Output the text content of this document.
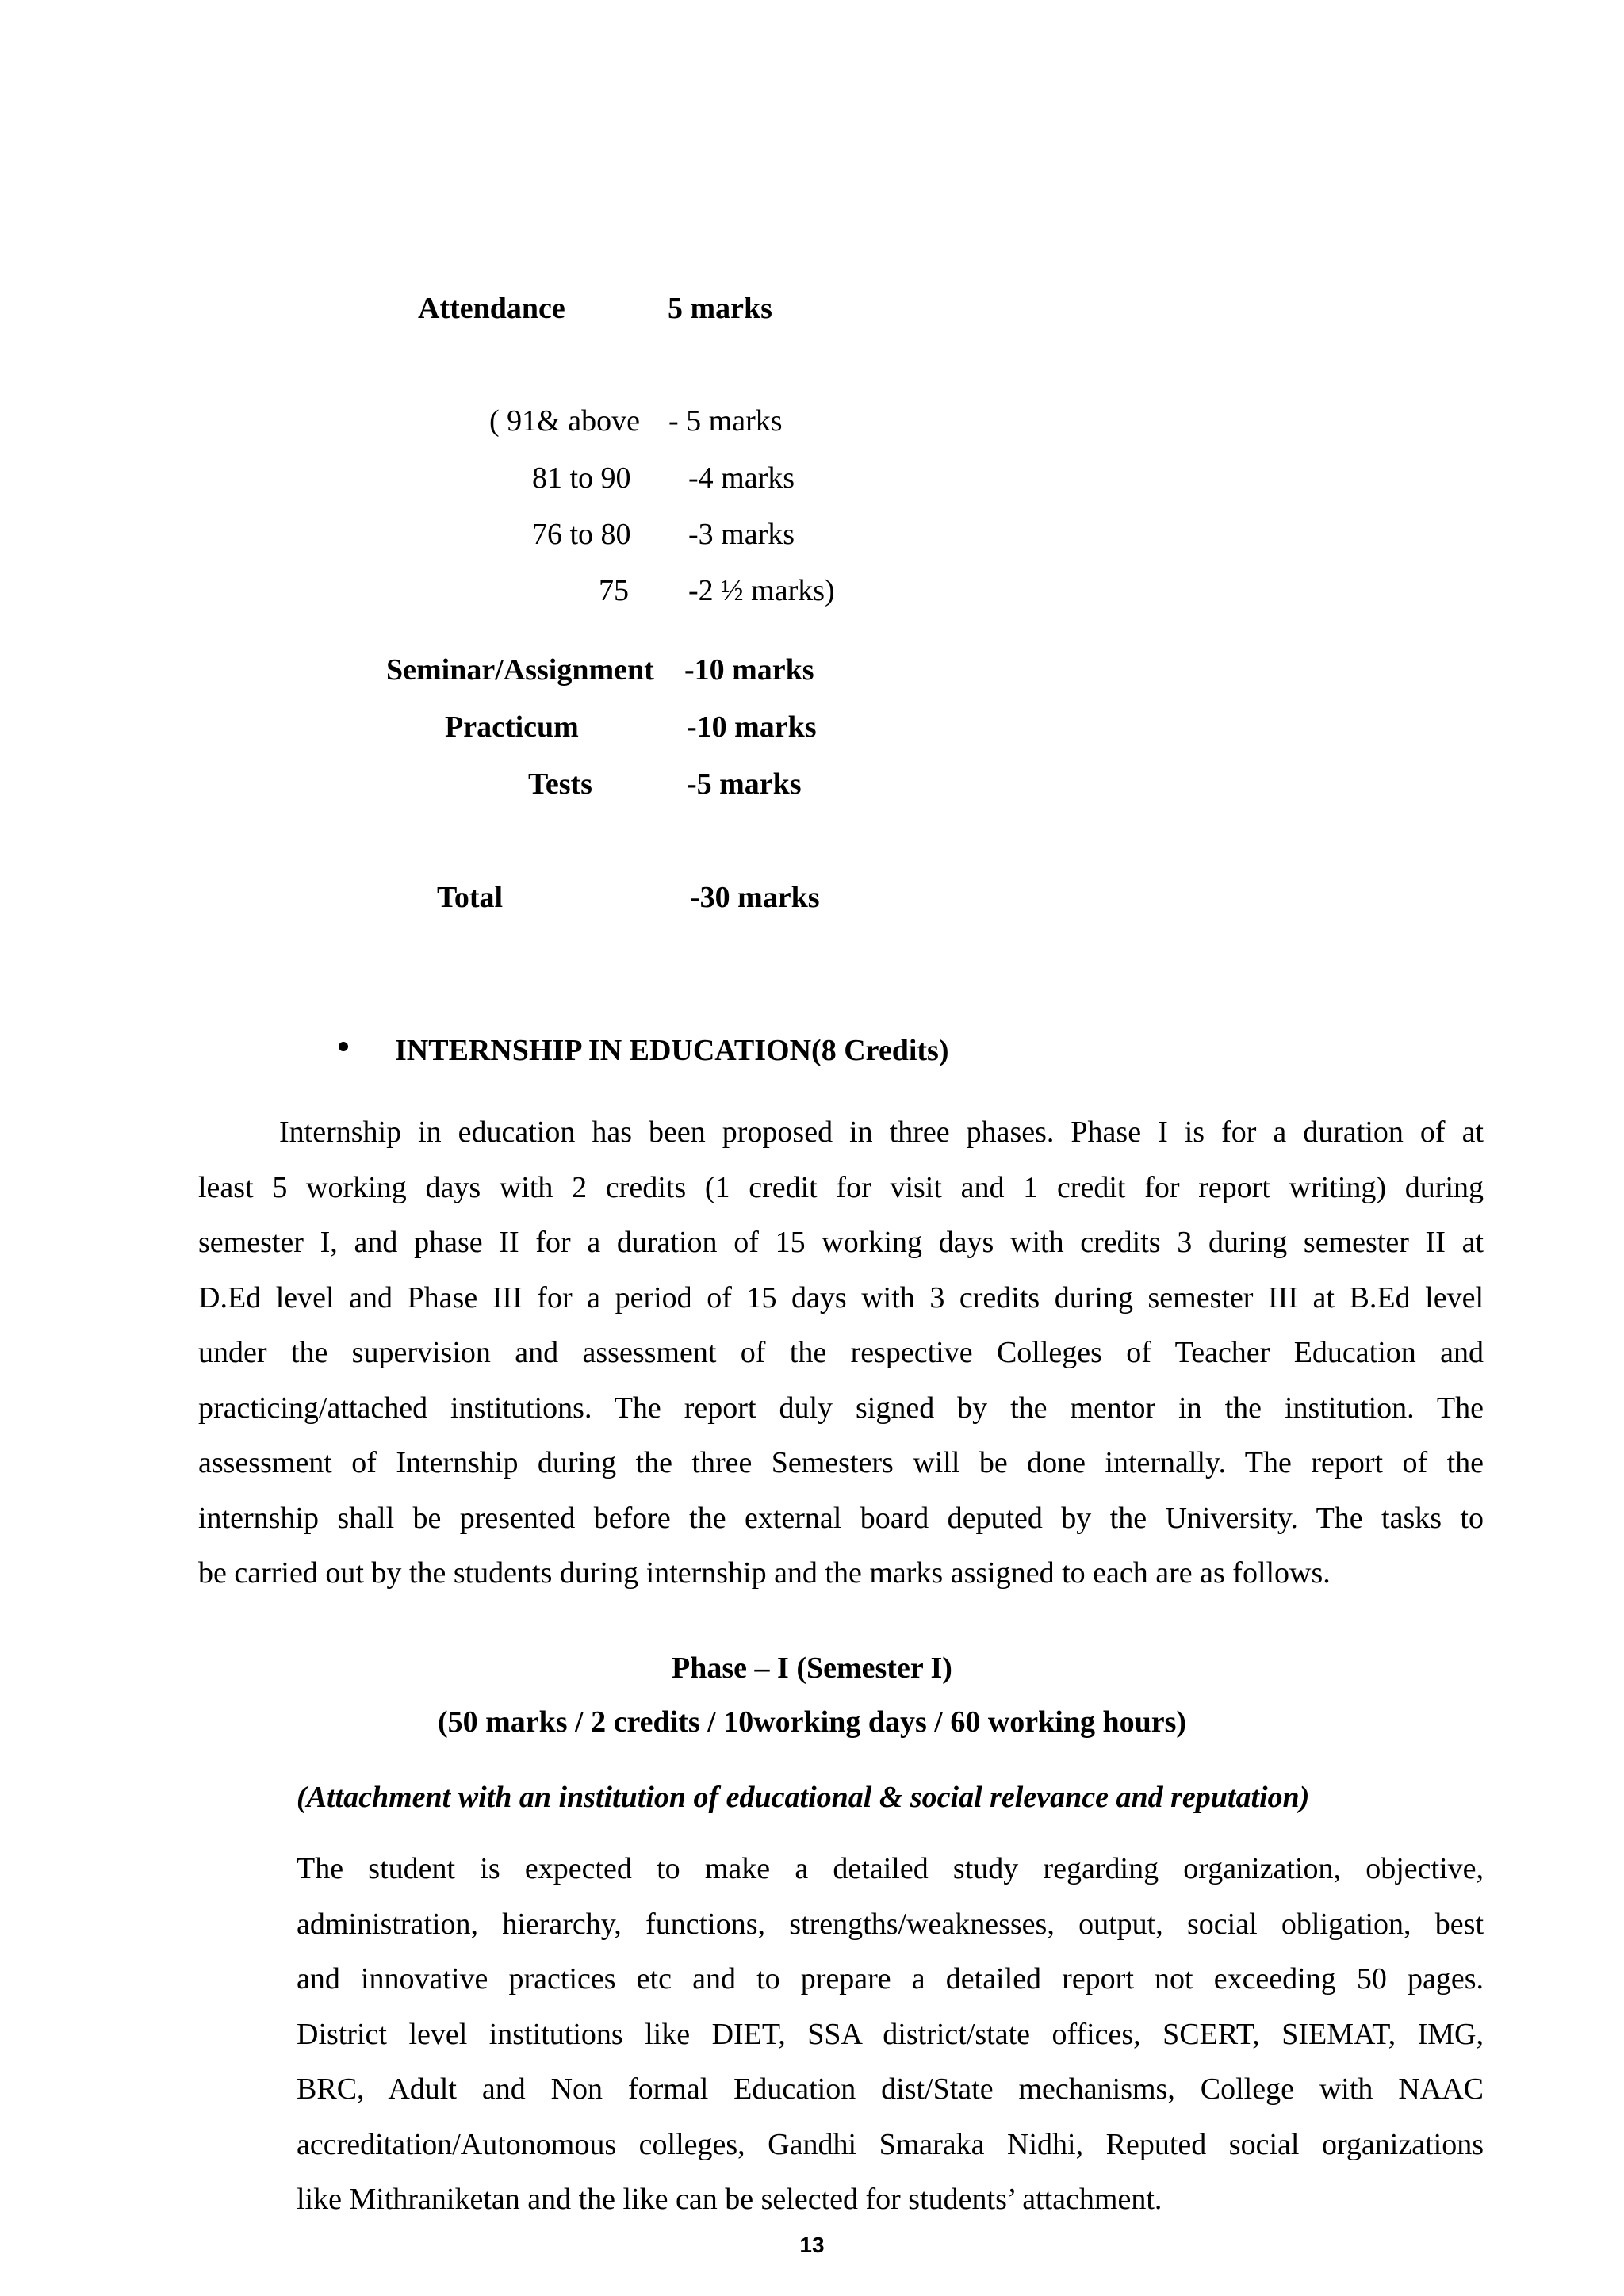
Attendance	5 marks
( 91& above - 5 marks
81 to 90 -4 marks
76 to 80 -3 marks
75 -2 ½ marks)
Seminar/Assignment -10 marks
Practicum	-10 marks
Tests	-5 marks
Total	-30 marks
INTERNSHIP IN EDUCATION(8 Credits)
Internship in education has been proposed in three phases. Phase I is for a duration of at
least 5 working days with 2 credits (1 credit for visit and 1 credit for report writing) during
semester I, and phase II for a duration of 15 working days with credits 3 during semester II at
D.Ed level and Phase III for a period of 15 days with 3 credits during semester III at B.Ed level
under the supervision and assessment of the respective Colleges of Teacher Education and
practicing/attached institutions. The report duly signed by the mentor in the institution. The
assessment of Internship during the three Semesters will be done internally. The report of the
internship shall be presented before the external board deputed by the University. The tasks to
be carried out by the students during internship and the marks assigned to each are as follows.
Phase – I (Semester I)
(50 marks / 2 credits / 10working days / 60 working hours)
(Attachment with an institution of educational & social relevance and reputation)
The student is expected to make a detailed study regarding organization, objective,
administration, hierarchy, functions, strengths/weaknesses, output, social obligation, best
and innovative practices etc and to prepare a detailed report not exceeding 50 pages.
District level institutions like DIET, SSA district/state offices, SCERT, SIEMAT, IMG,
BRC, Adult and Non formal Education dist/State mechanisms, College with NAAC
accreditation/Autonomous colleges, Gandhi Smaraka Nidhi, Reputed social organizations
like Mithraniketan and the like can be selected for students’ attachment.
13
